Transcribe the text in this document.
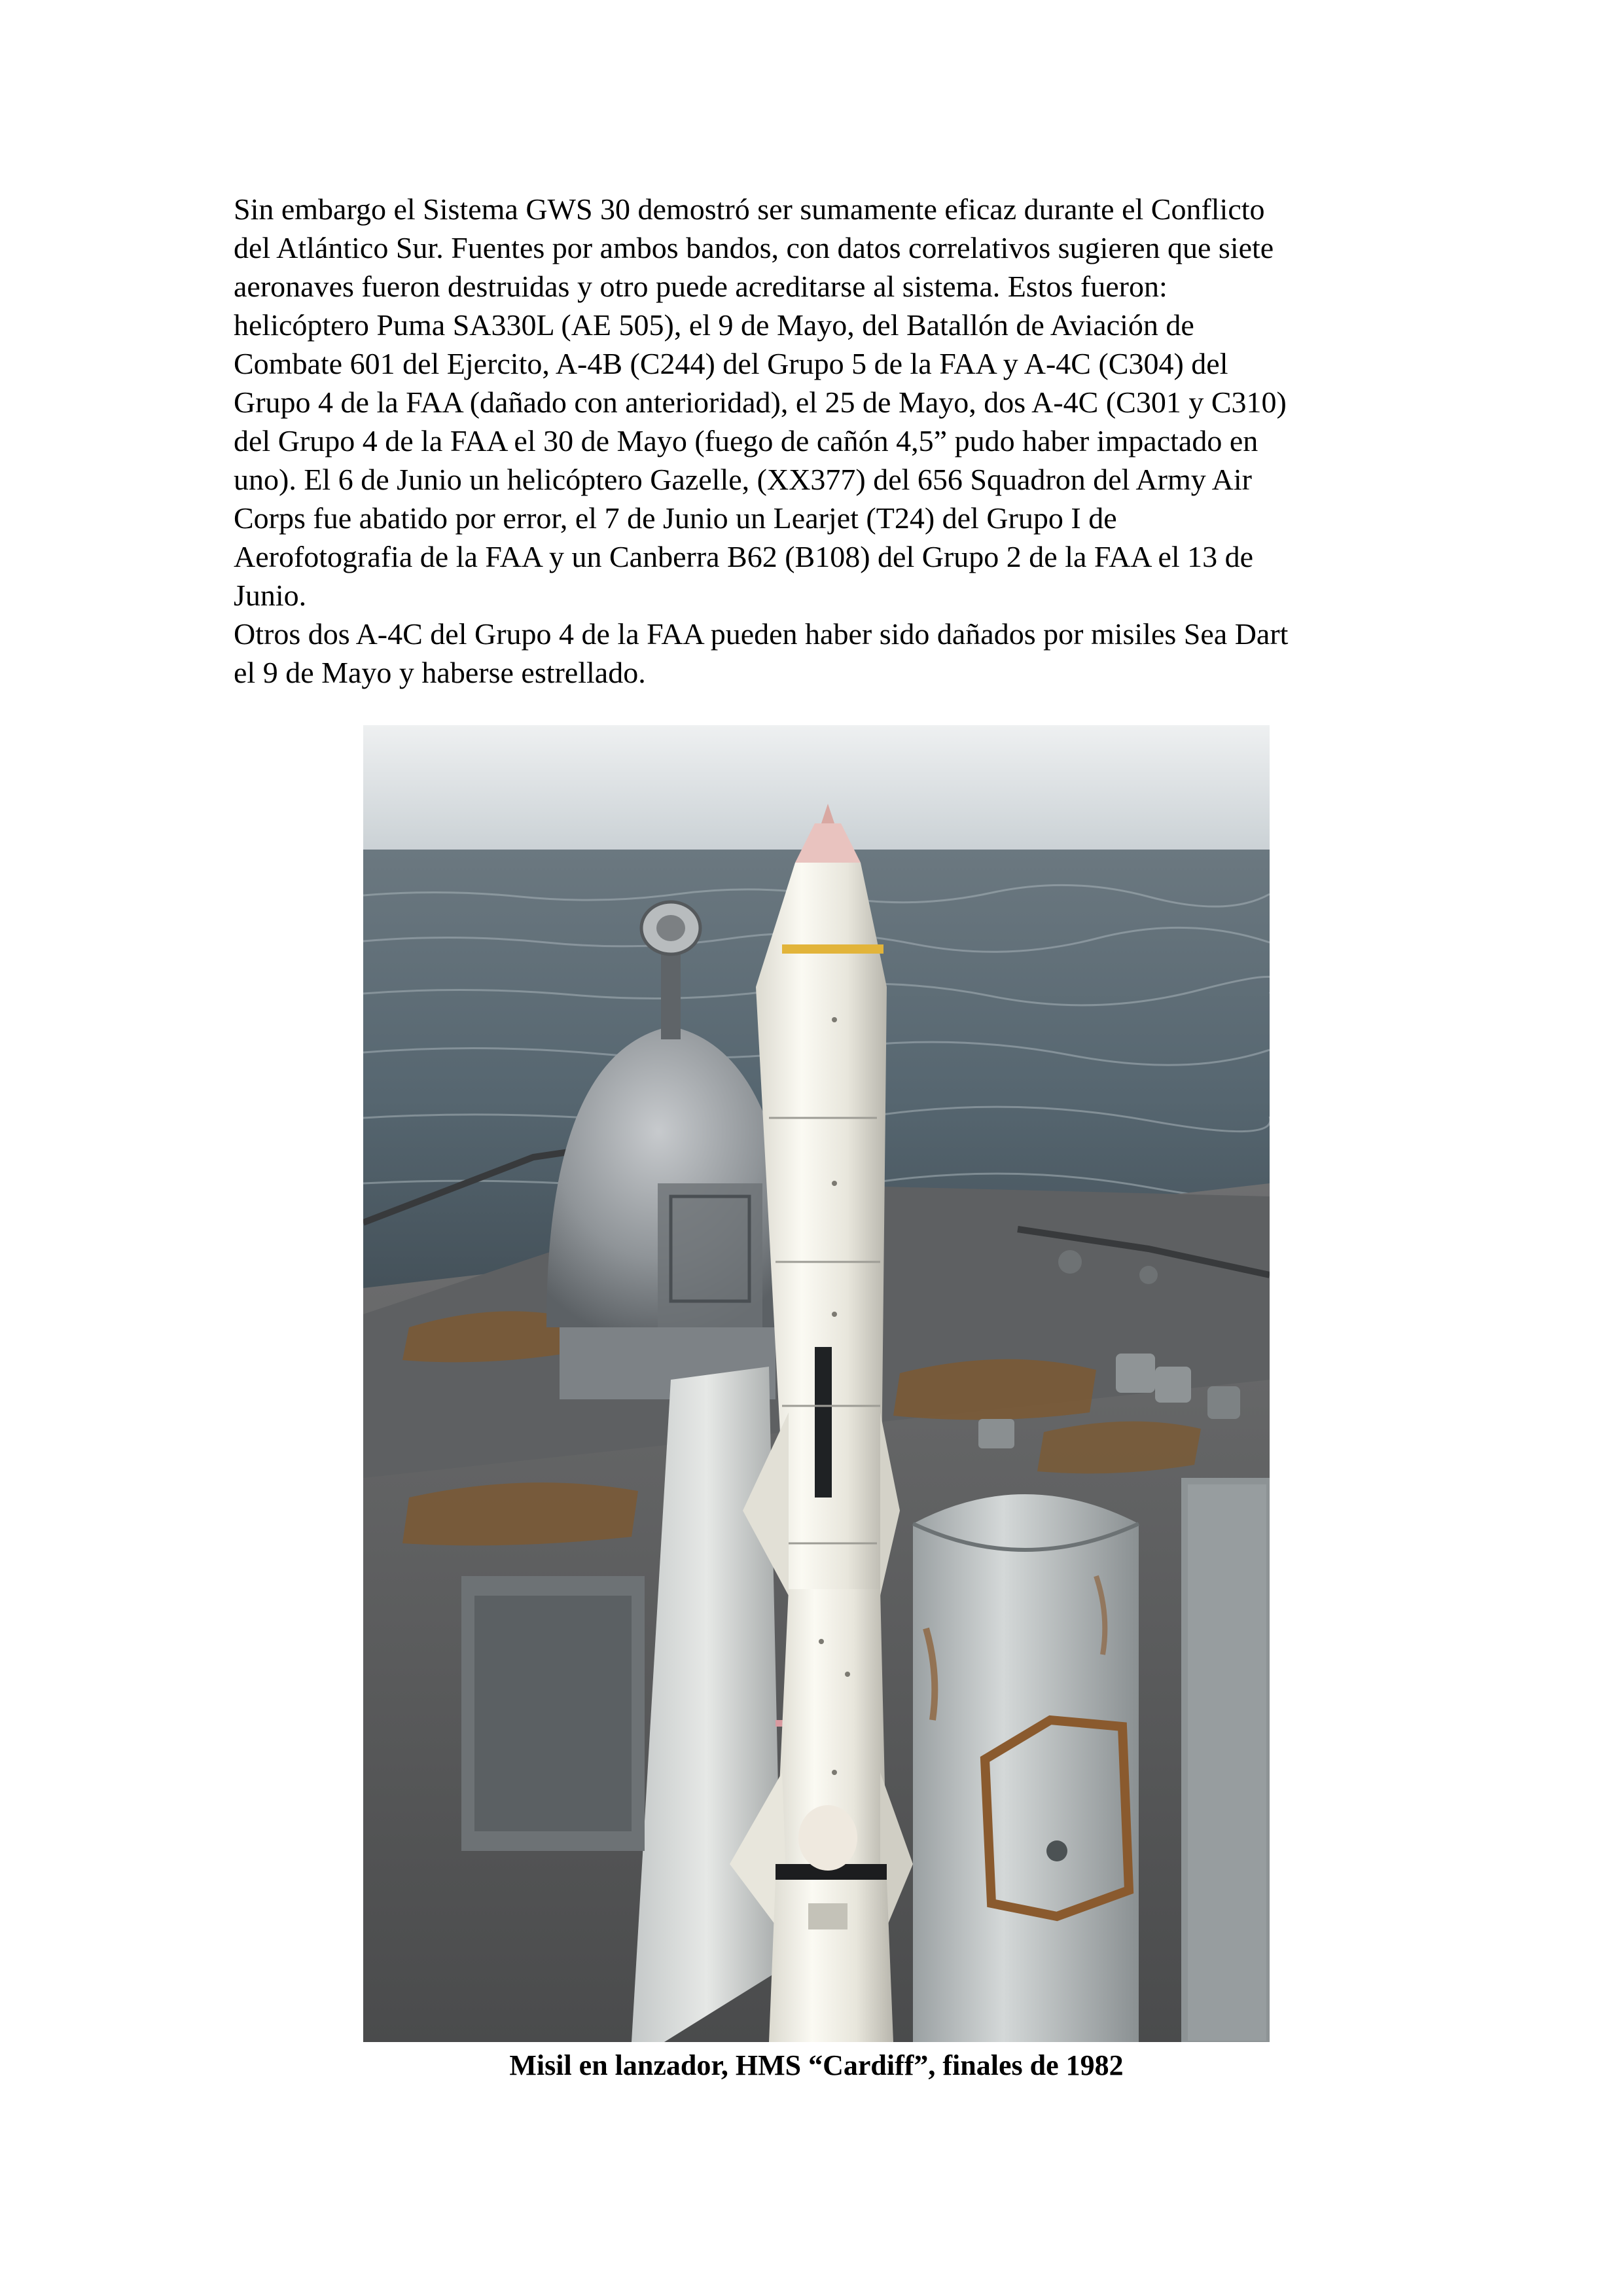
Sin embargo el Sistema GWS 30 demostró ser sumamente eficaz durante el Conflicto
del Atlántico Sur. Fuentes por ambos bandos, con datos correlativos sugieren que siete
aeronaves fueron destruidas y otro puede acreditarse al sistema. Estos fueron:
helicóptero Puma SA330L (AE 505), el 9 de Mayo, del Batallón de Aviación de
Combate 601 del Ejercito, A-4B (C244) del Grupo 5 de la FAA y A-4C (C304) del
Grupo 4 de la FAA (dañado con anterioridad), el 25 de Mayo, dos A-4C (C301 y C310)
del Grupo 4 de la FAA el 30 de Mayo (fuego de cañón 4,5” pudo haber impactado en
uno). El 6 de Junio un helicóptero Gazelle, (XX377) del 656 Squadron del Army Air
Corps fue abatido por error, el 7 de Junio un Learjet (T24) del Grupo I de
Aerofotografia de la FAA y un Canberra B62 (B108) del Grupo 2 de la FAA el 13 de
Junio.
Otros dos A-4C del Grupo 4 de la FAA pueden haber sido dañados por misiles Sea Dart
el 9 de Mayo y haberse estrellado.
Misil en lanzador, HMS “Cardiff”, finales de 1982
